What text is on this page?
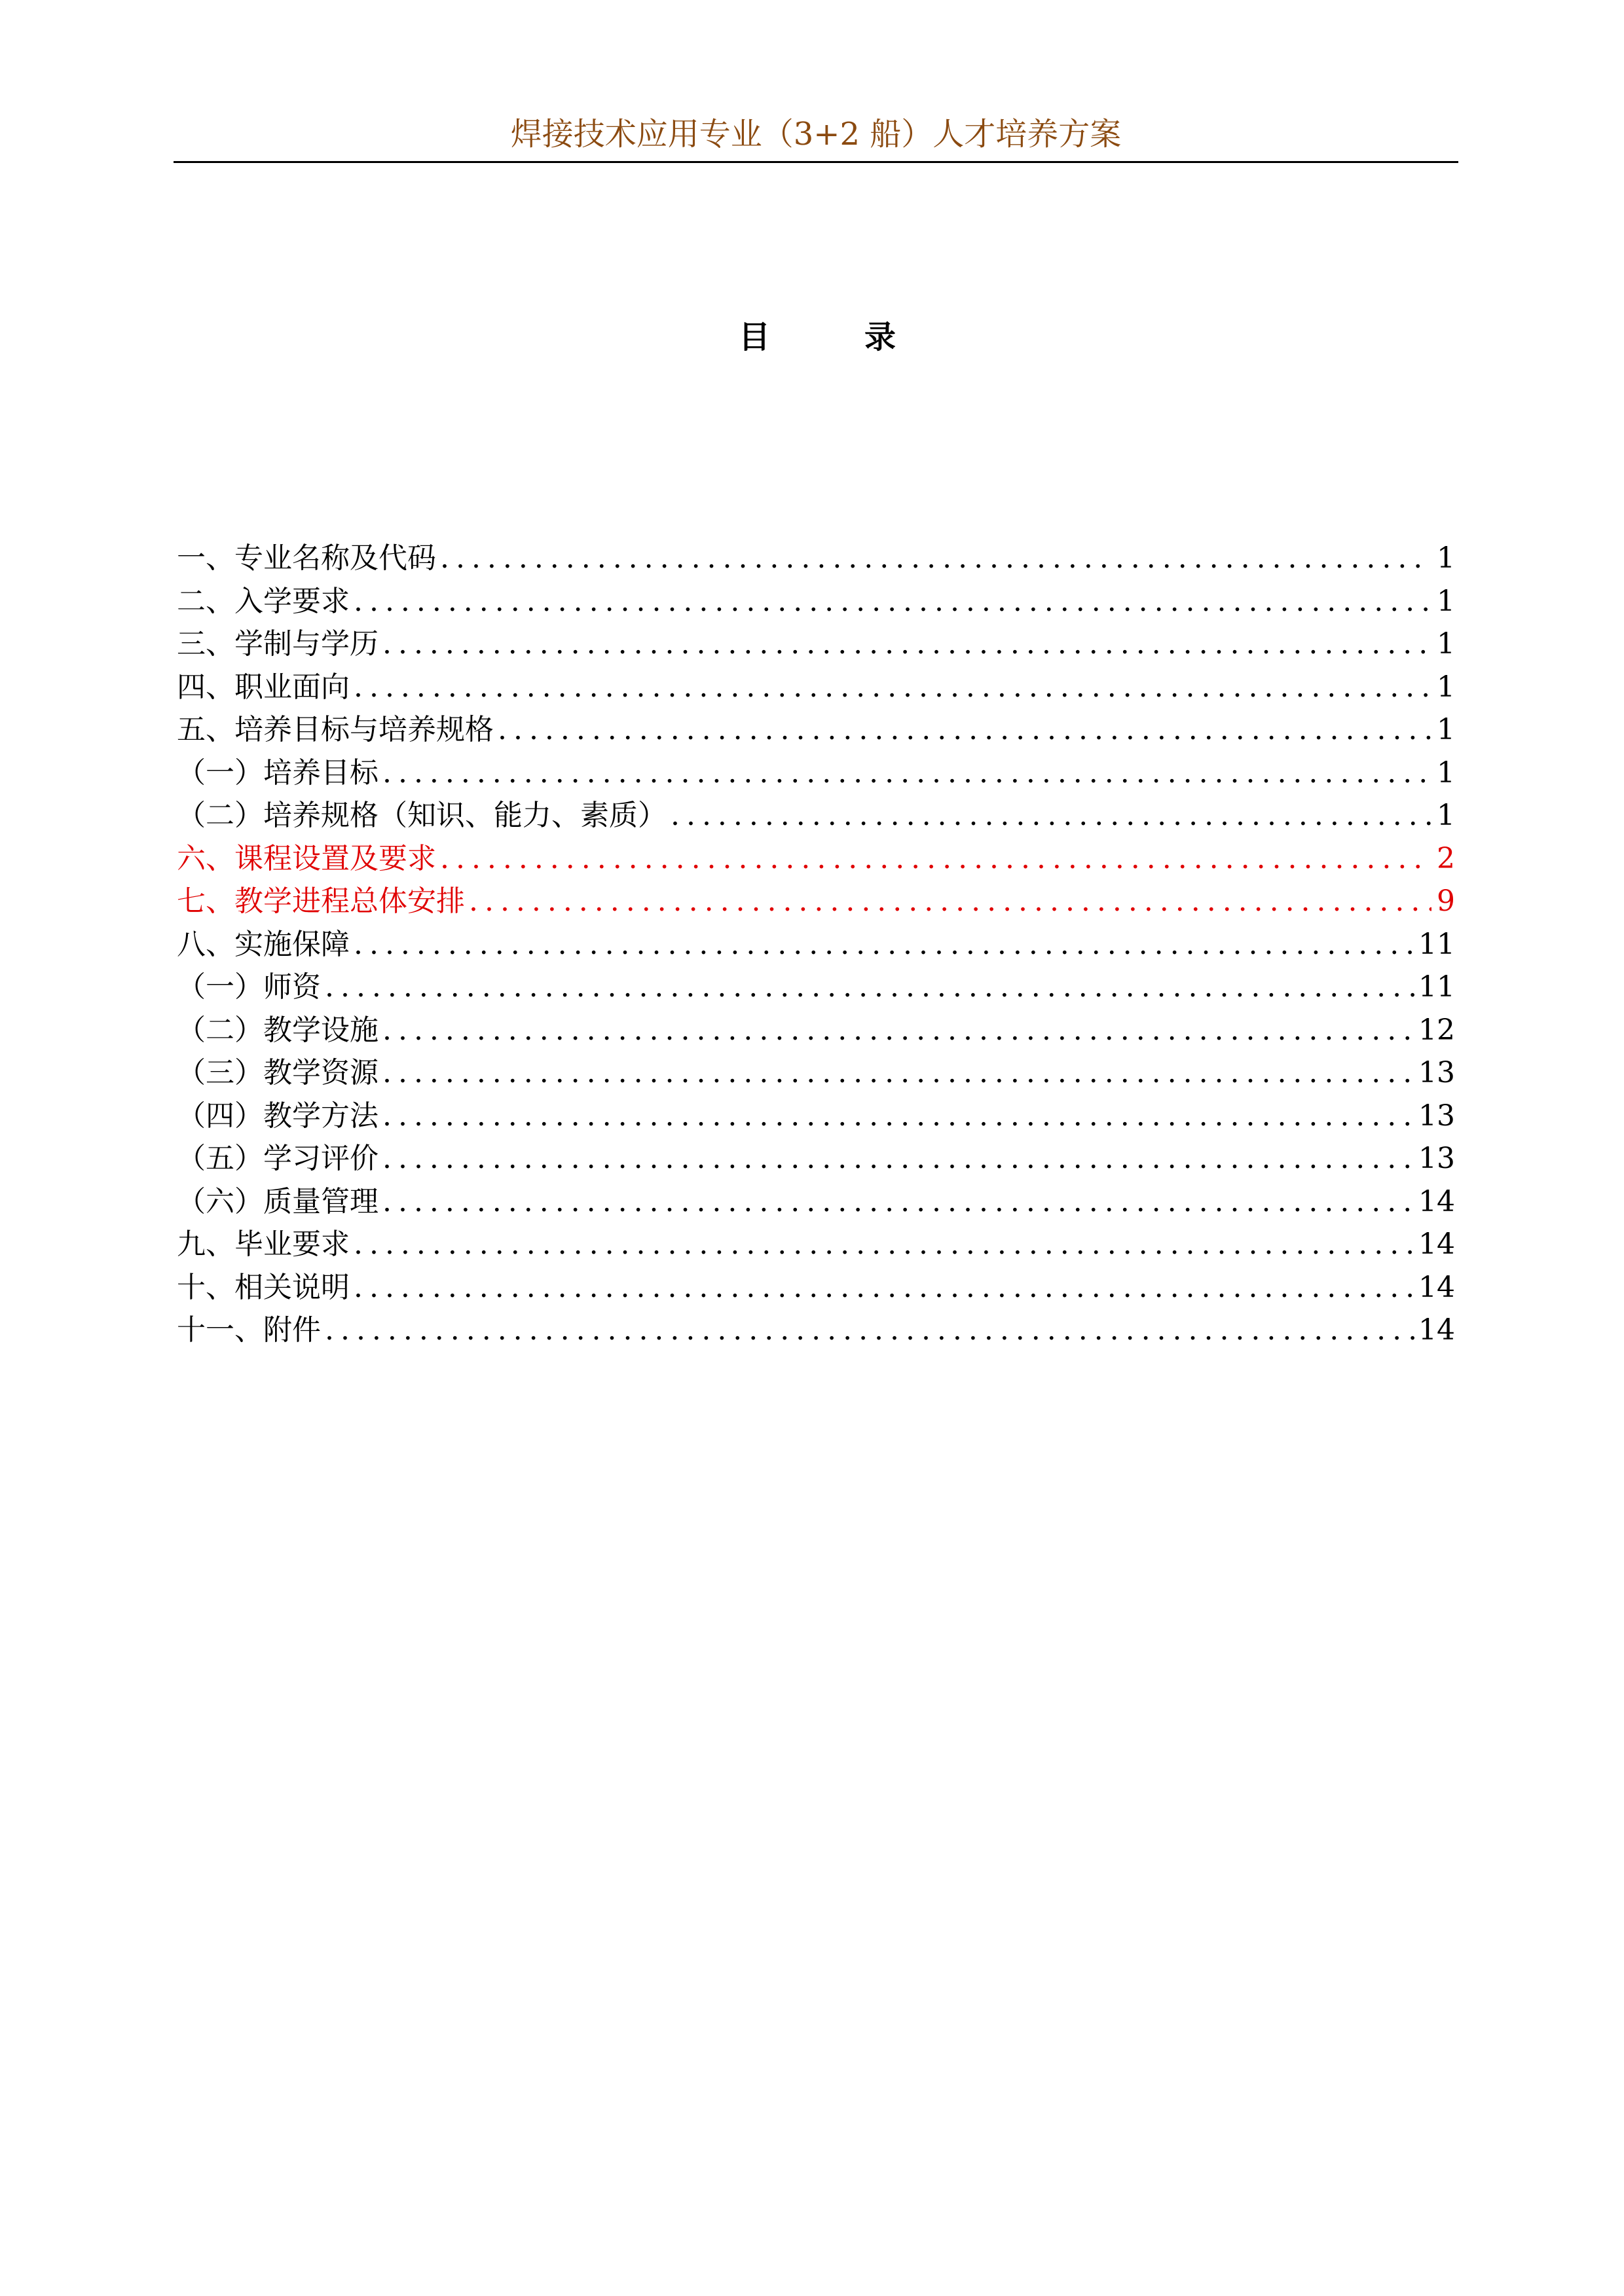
焊接技术应用专业（3+2 船）人才培养方案
目	录
一、专业名称及代码 . . .	1
二、入学要求 . . .	1
三、学制与学历 . . .	1
四、职业面向 . . .	1
五、培养目标与培养规格 . . .	1
（一）培养目标 . . .	1
（二）培养规格（知识、能力、素质） . . .	1
六、课程设置及要求 . . .	2
七、教学进程总体安排 . . .	9
八、实施保障 . . .	11
（一）师资 . . .	11
（二）教学设施 . . .	12
（三）教学资源 . . .	13
（四）教学方法 . . .	13
（五）学习评价 . . .	13
（六）质量管理 . . .	14
九、毕业要求 . . .	14
十、相关说明 . . .	14
十一、附件 . . .	14
